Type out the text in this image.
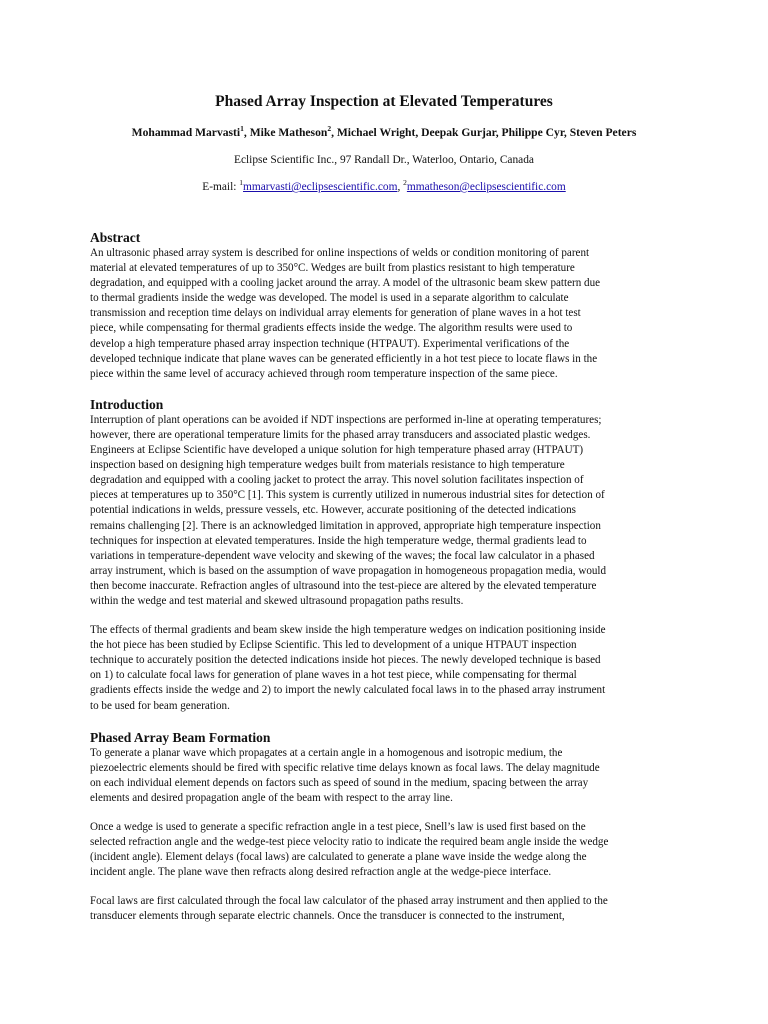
Phased Array Inspection at Elevated Temperatures
Mohammad Marvasti$^1$, Mike Matheson$^2$, Michael Wright, Deepak Gurjar, Philippe Cyr, Steven Peters
Eclipse Scientific Inc., 97 Randall Dr., Waterloo, Ontario, Canada
E-mail: $^1$mmarvasti@eclipsescientific.com, $^2$mmatheson@eclipsescientific.com
Abstract

An ultrasonic phased array system is described for online inspections of welds or condition monitoring of parent
material at elevated temperatures of up to 350°C. Wedges are built from plastics resistant to high temperature
degradation, and equipped with a cooling jacket around the array. A model of the ultrasonic beam skew pattern due
to thermal gradients inside the wedge was developed. The model is used in a separate algorithm to calculate
transmission and reception time delays on individual array elements for generation of plane waves in a hot test
piece, while compensating for thermal gradients effects inside the wedge. The algorithm results were used to
develop a high temperature phased array inspection technique (HTPAUT). Experimental verifications of the
developed technique indicate that plane waves can be generated efficiently in a hot test piece to locate flaws in the
piece within the same level of accuracy achieved through room temperature inspection of the same piece.

Introduction

Interruption of plant operations can be avoided if NDT inspections are performed in-line at operating temperatures;
however, there are operational temperature limits for the phased array transducers and associated plastic wedges.
Engineers at Eclipse Scientific have developed a unique solution for high temperature phased array (HTPAUT)
inspection based on designing high temperature wedges built from materials resistance to high temperature
degradation and equipped with a cooling jacket to protect the array. This novel solution facilitates inspection of
pieces at temperatures up to 350°C [1]. This system is currently utilized in numerous industrial sites for detection of
potential indications in welds, pressure vessels, etc. However, accurate positioning of the detected indications
remains challenging [2]. There is an acknowledged limitation in approved, appropriate high temperature inspection
techniques for inspection at elevated temperatures. Inside the high temperature wedge, thermal gradients lead to
variations in temperature-dependent wave velocity and skewing of the waves; the focal law calculator in a phased
array instrument, which is based on the assumption of wave propagation in homogeneous propagation media, would
then become inaccurate. Refraction angles of ultrasound into the test-piece are altered by the elevated temperature
within the wedge and test material and skewed ultrasound propagation paths results.

The effects of thermal gradients and beam skew inside the high temperature wedges on indication positioning inside
the hot piece has been studied by Eclipse Scientific. This led to development of a unique HTPAUT inspection
technique to accurately position the detected indications inside hot pieces. The newly developed technique is based
on 1) to calculate focal laws for generation of plane waves in a hot test piece, while compensating for thermal
gradients effects inside the wedge and 2) to import the newly calculated focal laws in to the phased array instrument
to be used for beam generation.

Phased Array Beam Formation

To generate a planar wave which propagates at a certain angle in a homogenous and isotropic medium, the
piezoelectric elements should be fired with specific relative time delays known as focal laws. The delay magnitude
on each individual element depends on factors such as speed of sound in the medium, spacing between the array
elements and desired propagation angle of the beam with respect to the array line.

Once a wedge is used to generate a specific refraction angle in a test piece, Snell’s law is used first based on the
selected refraction angle and the wedge-test piece velocity ratio to indicate the required beam angle inside the wedge
(incident angle). Element delays (focal laws) are calculated to generate a plane wave inside the wedge along the
incident angle. The plane wave then refracts along desired refraction angle at the wedge-piece interface.

Focal laws are first calculated through the focal law calculator of the phased array instrument and then applied to the
transducer elements through separate electric channels. Once the transducer is connected to the instrument,
